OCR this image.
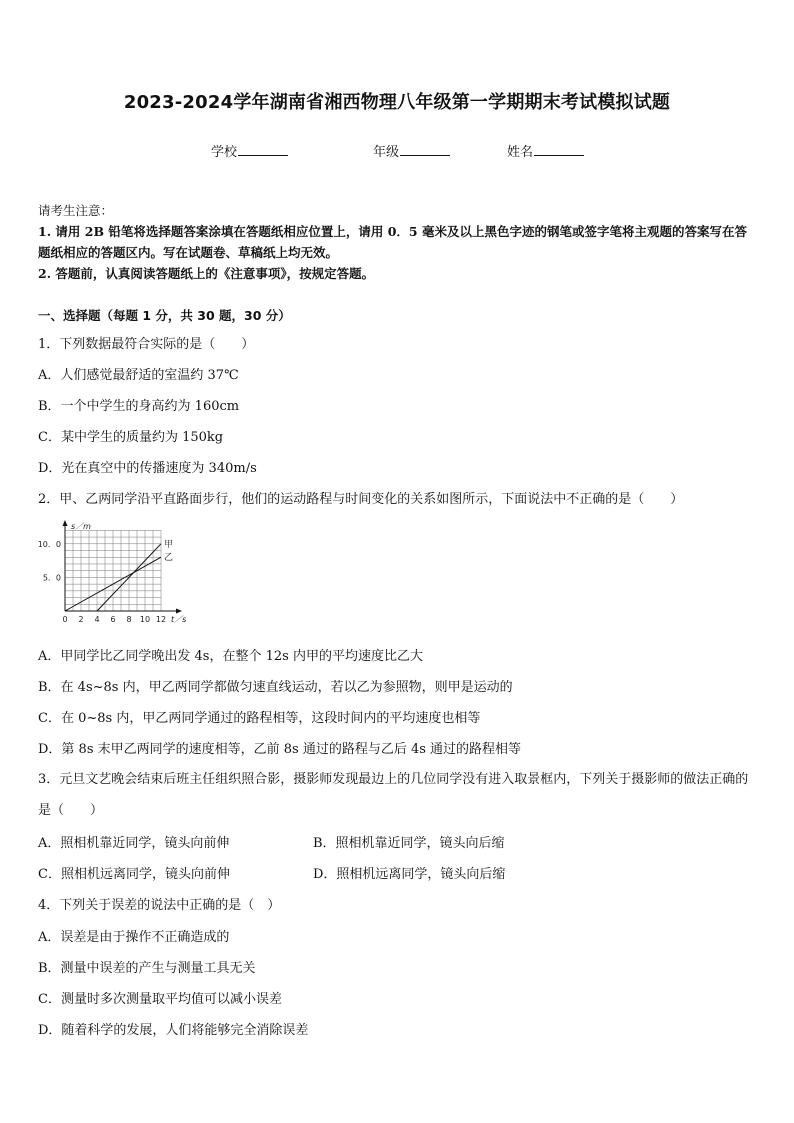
2023-2024学年湖南省湘西物理八年级第一学期期末考试模拟试题
学校	年级	姓名
请考生注意：
1. 请用 2B 铅笔将选择题答案涂填在答题纸相应位置上，请用 0．5 毫米及以上黑色字迹的钢笔或签字笔将主观题的答案写在答题纸相应的答题区内。写在试题卷、草稿纸上均无效。
2. 答题前，认真阅读答题纸上的《注意事项》，按规定答题。
一、选择题（每题 1 分，共 30 题，30 分）
1．下列数据最符合实际的是（　　）
A．人们感觉最舒适的室温约 37℃
B．一个中学生的身高约为 160cm
C．某中学生的质量约为 150kg
D．光在真空中的传播速度为 340m/s
2．甲、乙两同学沿平直路面步行，他们的运动路程与时间变化的关系如图所示，下面说法中不正确的是（　　）
s／m
t／s
0 2 4 6 8 10 12
5．0
10．0	甲
乙
A．甲同学比乙同学晚出发 4s，在整个 12s 内甲的平均速度比乙大
B．在 4s~8s 内，甲乙两同学都做匀速直线运动，若以乙为参照物，则甲是运动的
C．在 0~8s 内，甲乙两同学通过的路程相等，这段时间内的平均速度也相等
D．第 8s 末甲乙两同学的速度相等，乙前 8s 通过的路程与乙后 4s 通过的路程相等
3．元旦文艺晚会结束后班主任组织照合影，摄影师发现最边上的几位同学没有进入取景框内，下列关于摄影师的做法正确的是（　　）
A．照相机靠近同学，镜头向前伸	B．照相机靠近同学，镜头向后缩
C．照相机远离同学，镜头向前伸	D．照相机远离同学，镜头向后缩
4．下列关于误差的说法中正确的是（　）
A．误差是由于操作不正确造成的
B．测量中误差的产生与测量工具无关
C．测量时多次测量取平均值可以减小误差
D．随着科学的发展，人们将能够完全消除误差
